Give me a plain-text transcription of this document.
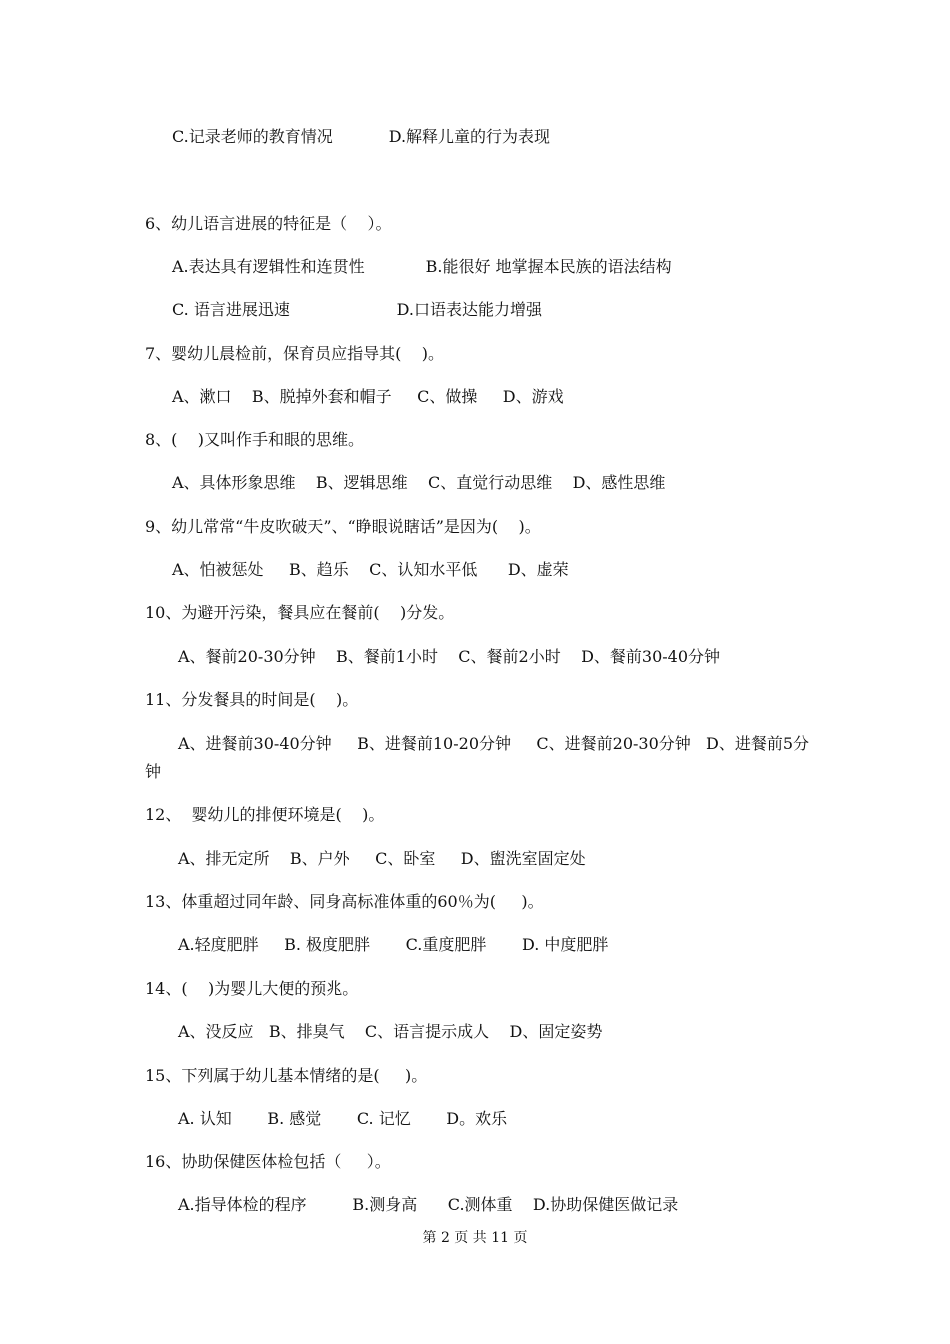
C.记录老师的教育情况           D.解释儿童的行为表现
6、幼儿语言进展的特征是（    ）。
A.表达具有逻辑性和连贯性            B.能很好 地掌握本民族的语法结构
C. 语言进展迅速                     D.口语表达能力增强
7、婴幼儿晨检前，保育员应指导其(    )。
A、漱口    B、脱掉外套和帽子     C、做操     D、游戏
8、(    )又叫作手和眼的思维。
A、具体形象思维    B、逻辑思维    C、直觉行动思维    D、感性思维
9、幼儿常常“牛皮吹破天”、“睁眼说瞎话”是因为(    )。
A、怕被惩处     B、趋乐    C、认知水平低      D、虚荣
10、为避开污染，餐具应在餐前(    )分发。
A、餐前20-30分钟    B、餐前1小时    C、餐前2小时    D、餐前30-40分钟
11、分发餐具的时间是(    )。
A、进餐前30-40分钟     B、进餐前10-20分钟     C、进餐前20-30分钟   D、进餐前5分
钟
12、  婴幼儿的排便环境是(    )。
A、排无定所    B、户外     C、卧室     D、盥洗室固定处
13、体重超过同年龄、同身高标准体重的60％为(     )。
A.轻度肥胖     B. 极度肥胖       C.重度肥胖       D. 中度肥胖
14、(    )为婴儿大便的预兆。
A、没反应   B、排臭气    C、语言提示成人    D、固定姿势
15、下列属于幼儿基本情绪的是(     )。
A. 认知       B. 感觉       C. 记忆       D。欢乐
16、协助保健医体检包括（     ）。
A.指导体检的程序         B.测身高      C.测体重    D.协助保健医做记录
第 2 页 共 11 页
